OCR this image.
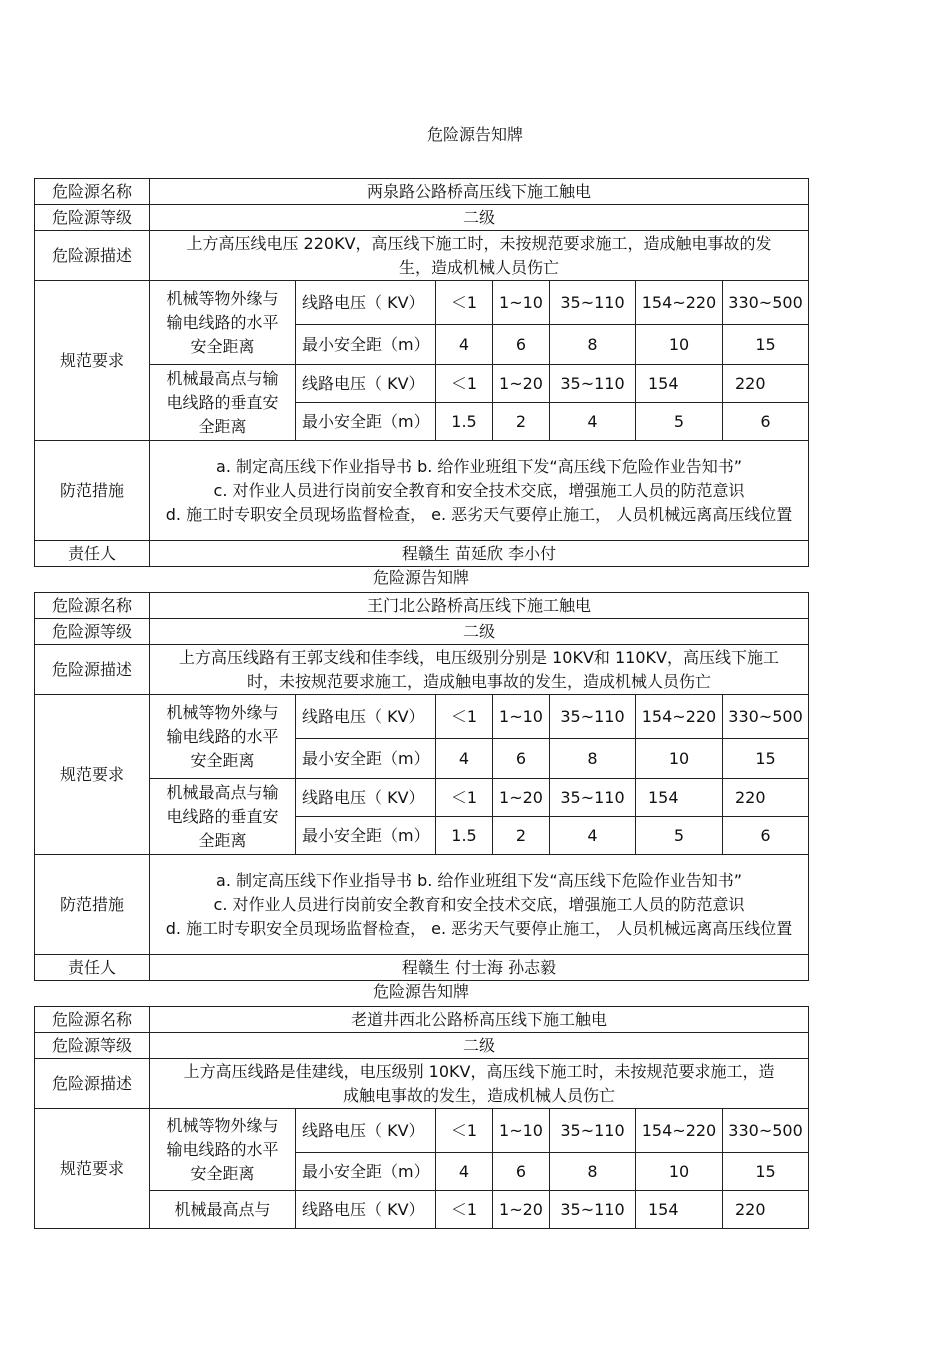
危险源告知牌
危险源名称	两泉路公路桥高压线下施工触电						
危险源等级	二级						
危险源描述	上方高压线电压 220KV，高压线下施工时，未按规范要求施工，造成触电事故的发生，造成机械人员伤亡						
规范要求	机械等物外缘与输电线路的水平安全距离	线路电压（ KV）	＜1	1~10	35~110	154~220	330~500
		最小安全距（m）	4	6	8	10	15
	机械最高点与输电线路的垂直安全距离	线路电压（ KV）	＜1	1~20	35~110	154	220
		最小安全距（m）	1.5	2	4	5	6
防范措施	a. 制定高压线下作业指导书 b. 给作业班组下发“高压线下危险作业告知书”
c. 对作业人员进行岗前安全教育和安全技术交底，增强施工人员的防范意识
d. 施工时专职安全员现场监督检查， e. 恶劣天气要停止施工， 人员机械远离高压线位置						

责任人	程赣生 苗延欣 李小付						
危险源告知牌
危险源名称	王门北公路桥高压线下施工触电						
危险源等级	二级						
危险源描述	上方高压线路有王郭支线和佳李线，电压级别分别是 10KV和 110KV，高压线下施工时，未按规范要求施工，造成触电事故的发生，造成机械人员伤亡						
规范要求	机械等物外缘与输电线路的水平安全距离	线路电压（ KV）	＜1	1~10	35~110	154~220	330~500
		最小安全距（m）	4	6	8	10	15
	机械最高点与输电线路的垂直安全距离	线路电压（ KV）	＜1	1~20	35~110	154	220
		最小安全距（m）	1.5	2	4	5	6
防范措施	a. 制定高压线下作业指导书 b. 给作业班组下发“高压线下危险作业告知书”
c. 对作业人员进行岗前安全教育和安全技术交底，增强施工人员的防范意识
d. 施工时专职安全员现场监督检查， e. 恶劣天气要停止施工， 人员机械远离高压线位置						

责任人	程赣生 付士海 孙志毅						
危险源告知牌
危险源名称	老道井西北公路桥高压线下施工触电						
危险源等级	二级						
危险源描述	上方高压线路是佳建线，电压级别 10KV，高压线下施工时，未按规范要求施工，造成触电事故的发生，造成机械人员伤亡						
规范要求	机械等物外缘与输电线路的水平安全距离	线路电压（ KV）	＜1	1~10	35~110	154~220	330~500
		最小安全距（m）	4	6	8	10	15
	机械最高点与	线路电压（ KV）	＜1	1~20	35~110	154	220
